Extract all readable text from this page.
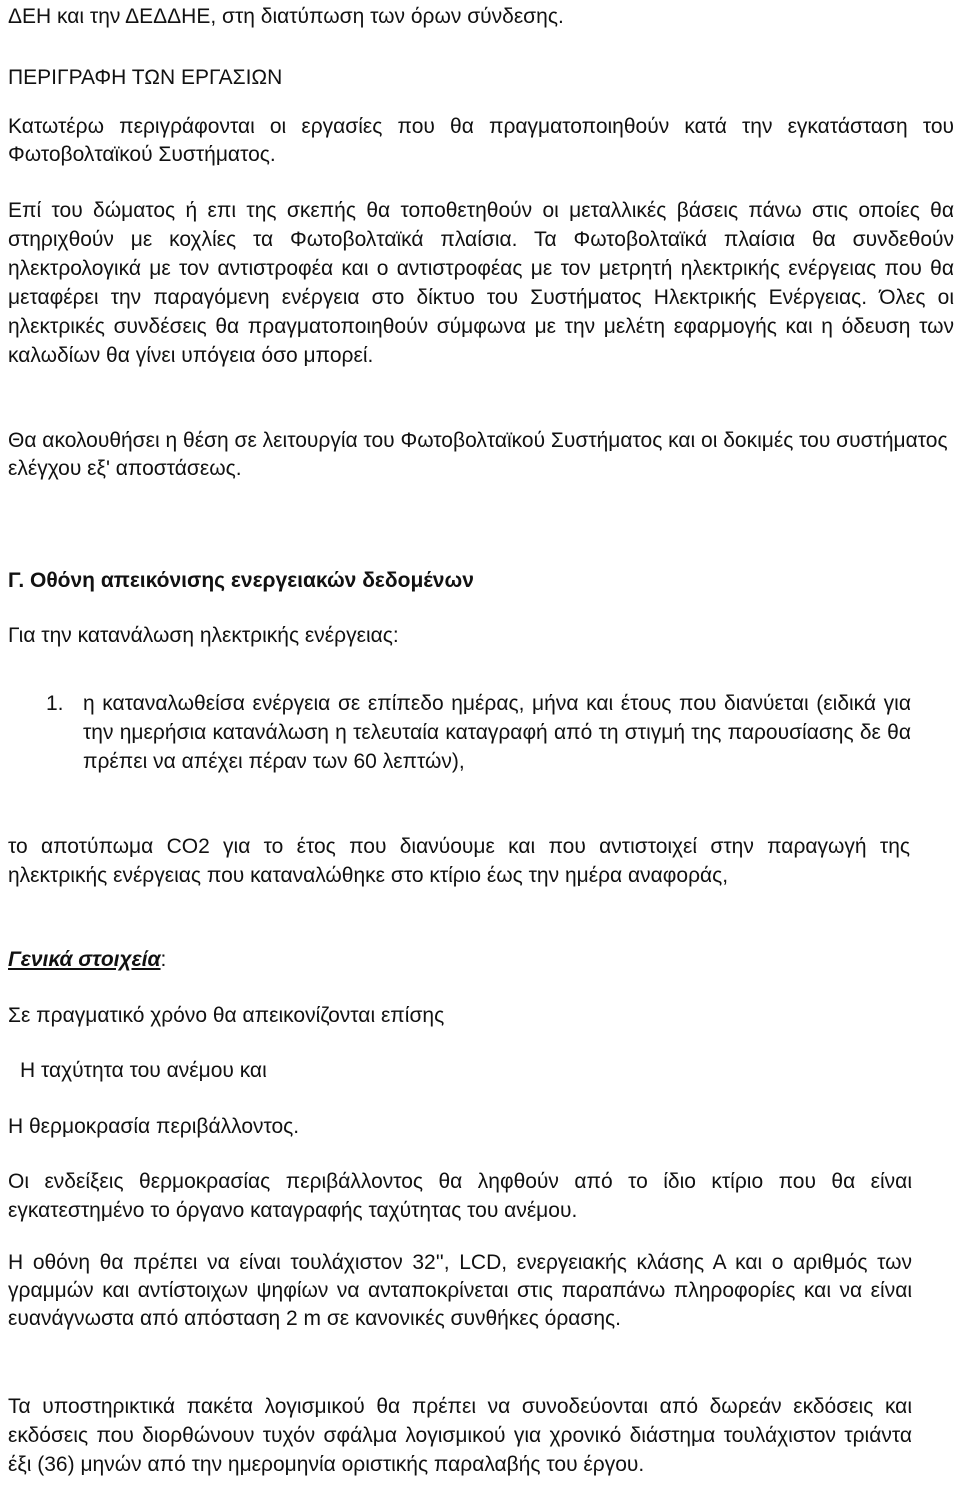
ΔΕΗ και την ΔΕΔΔΗΕ, στη διατύπωση των όρων σύνδεσης.

ΠΕΡΙΓΡΑΦΗ ΤΩΝ ΕΡΓΑΣΙΩΝ

Κατωτέρω περιγράφονται οι εργασίες που θα πραγματοποιηθούν κατά την εγκατάσταση του Φωτοβολταϊκού Συστήματος.

Επί του δώματος ή επι της σκεπής θα τοποθετηθούν οι μεταλλικές βάσεις πάνω στις οποίες θα στηριχθούν με κοχλίες τα Φωτοβολταϊκά πλαίσια. Τα Φωτοβολταϊκά πλαίσια θα συνδεθούν ηλεκτρολογικά με τον αντιστροφέα και ο αντιστροφέας με τον μετρητή ηλεκτρικής ενέργειας που θα μεταφέρει την παραγόμενη ενέργεια στο δίκτυο του Συστήματος Ηλεκτρικής Ενέργειας. Όλες οι ηλεκτρικές συνδέσεις θα πραγματοποιηθούν σύμφωνα με την μελέτη εφαρμογής και η όδευση των καλωδίων θα γίνει υπόγεια όσο μπορεί.

Θα ακολουθήσει η θέση σε λειτουργία του Φωτοβολταϊκού Συστήματος και οι δοκιμές του συστήματος ελέγχου εξ' αποστάσεως.

Γ. Οθόνη απεικόνισης ενεργειακών δεδομένων

Για την κατανάλωση ηλεκτρικής ενέργειας:

1. η καταναλωθείσα ενέργεια σε επίπεδο ημέρας, μήνα και έτους που διανύεται (ειδικά για την ημερήσια κατανάλωση η τελευταία καταγραφή από τη στιγμή της παρουσίασης δε θα πρέπει να απέχει πέραν των 60 λεπτών),

το αποτύπωμα CO2 για το έτος που διανύουμε και που αντιστοιχεί στην παραγωγή της ηλεκτρικής ενέργειας που καταναλώθηκε στο κτίριο έως την ημέρα αναφοράς,

Γενικά στοιχεία:

Σε πραγματικό χρόνο θα απεικονίζονται επίσης

Η ταχύτητα του ανέμου και

Η θερμοκρασία περιβάλλοντος.

Οι ενδείξεις θερμοκρασίας περιβάλλοντος θα ληφθούν από το ίδιο κτίριο που θα είναι εγκατεστημένο το όργανο καταγραφής ταχύτητας του ανέμου.

Η οθόνη θα πρέπει να είναι τουλάχιστον 32'', LCD, ενεργειακής κλάσης Α και ο αριθμός των γραμμών και αντίστοιχων ψηφίων να ανταποκρίνεται στις παραπάνω πληροφορίες και να είναι ευανάγνωστα από απόσταση 2 m σε κανονικές συνθήκες όρασης.

Τα υποστηρικτικά πακέτα λογισμικού θα πρέπει να συνοδεύονται από δωρεάν εκδόσεις και εκδόσεις που διορθώνουν τυχόν σφάλμα λογισμικού για χρονικό διάστημα τουλάχιστον τριάντα έξι (36) μηνών από την ημερομηνία οριστικής παραλαβής του έργου.
